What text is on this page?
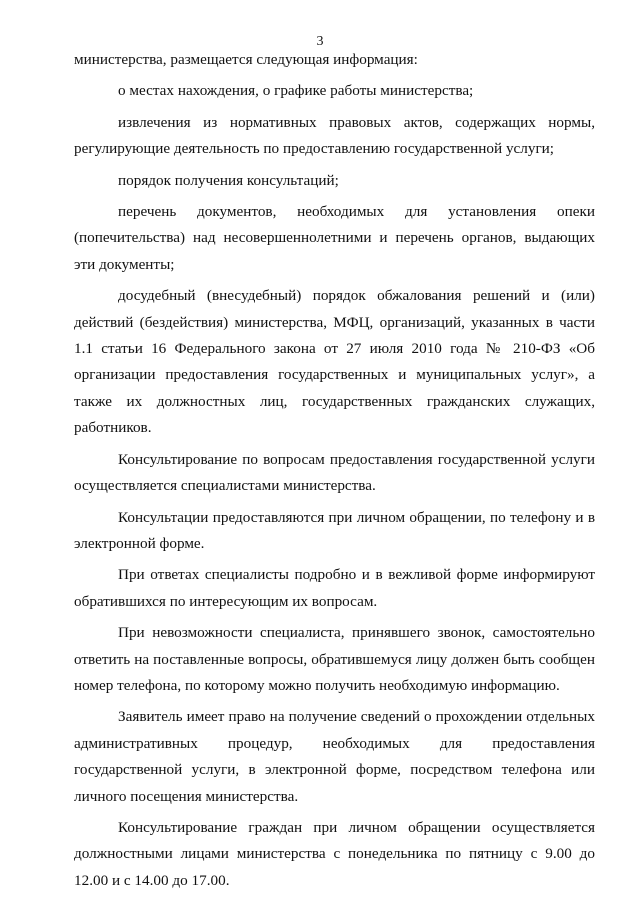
3

министерства, размещается следующая информация:

о местах нахождения, о графике работы министерства;

извлечения из нормативных правовых актов, содержащих нормы, регулирующие деятельность по предоставлению государственной услуги;

порядок получения консультаций;

перечень документов, необходимых для установления опеки (попечительства) над несовершеннолетними и перечень органов, выдающих эти документы;

досудебный (внесудебный) порядок обжалования решений и (или) действий (бездействия) министерства, МФЦ, организаций, указанных в части 1.1 статьи 16 Федерального закона от 27 июля 2010 года № 210-ФЗ «Об организации предоставления государственных и муниципальных услуг», а также их должностных лиц, государственных гражданских служащих, работников.

Консультирование по вопросам предоставления государственной услуги осуществляется специалистами министерства.

Консультации предоставляются при личном обращении, по телефону и в электронной форме.

При ответах специалисты подробно и в вежливой форме информируют обратившихся по интересующим их вопросам.

При невозможности специалиста, принявшего звонок, самостоятельно ответить на поставленные вопросы, обратившемуся лицу должен быть сообщен номер телефона, по которому можно получить необходимую информацию.

Заявитель имеет право на получение сведений о прохождении отдельных административных процедур, необходимых для предоставления государственной услуги, в электронной форме, посредством телефона или личного посещения министерства.

Консультирование граждан при личном обращении осуществляется должностными лицами министерства с понедельника по пятницу с 9.00 до 12.00 и с 14.00 до 17.00.
